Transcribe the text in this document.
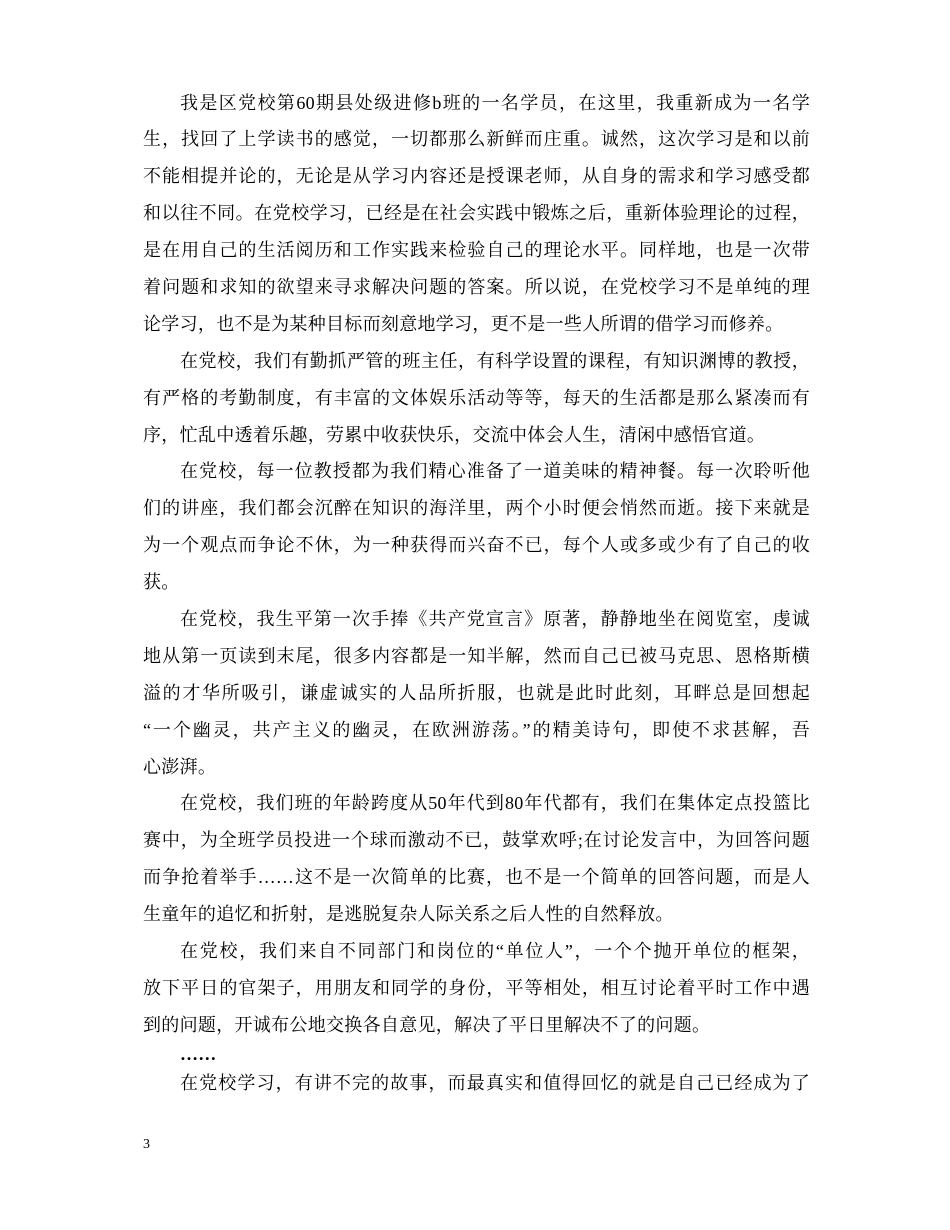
我是区党校第60期县处级进修b班的一名学员，在这里，我重新成为一名学
生，找回了上学读书的感觉，一切都那么新鲜而庄重。诚然，这次学习是和以前
不能相提并论的，无论是从学习内容还是授课老师，从自身的需求和学习感受都
和以往不同。在党校学习，已经是在社会实践中锻炼之后，重新体验理论的过程，
是在用自己的生活阅历和工作实践来检验自己的理论水平。同样地，也是一次带
着问题和求知的欲望来寻求解决问题的答案。所以说，在党校学习不是单纯的理
论学习，也不是为某种目标而刻意地学习，更不是一些人所谓的借学习而修养。
在党校，我们有勤抓严管的班主任，有科学设置的课程，有知识渊博的教授，
有严格的考勤制度，有丰富的文体娱乐活动等等，每天的生活都是那么紧凑而有
序，忙乱中透着乐趣，劳累中收获快乐，交流中体会人生，清闲中感悟官道。
在党校，每一位教授都为我们精心准备了一道美味的精神餐。每一次聆听他
们的讲座，我们都会沉醉在知识的海洋里，两个小时便会悄然而逝。接下来就是
为一个观点而争论不休，为一种获得而兴奋不已，每个人或多或少有了自己的收
获。
在党校，我生平第一次手捧《共产党宣言》原著，静静地坐在阅览室，虔诚
地从第一页读到末尾，很多内容都是一知半解，然而自己已被马克思、恩格斯横
溢的才华所吸引，谦虚诚实的人品所折服，也就是此时此刻，耳畔总是回想起
“一个幽灵，共产主义的幽灵，在欧洲游荡。”的精美诗句，即使不求甚解，吾
心澎湃。
在党校，我们班的年龄跨度从50年代到80年代都有，我们在集体定点投篮比
赛中，为全班学员投进一个球而激动不已，鼓掌欢呼;在讨论发言中，为回答问题
而争抢着举手……这不是一次简单的比赛，也不是一个简单的回答问题，而是人
生童年的追忆和折射，是逃脱复杂人际关系之后人性的自然释放。
在党校，我们来自不同部门和岗位的“单位人”，一个个抛开单位的框架，
放下平日的官架子，用朋友和同学的身份，平等相处，相互讨论着平时工作中遇
到的问题，开诚布公地交换各自意见，解决了平日里解决不了的问题。
……
在党校学习，有讲不完的故事，而最真实和值得回忆的就是自己已经成为了
3
